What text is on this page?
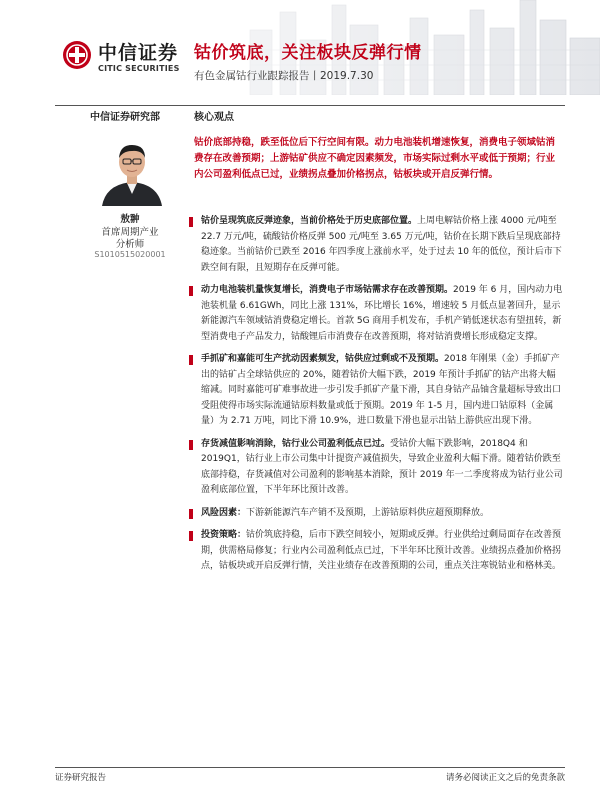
中信证券
CITIC SECURITIES
钴价筑底，关注板块反弹行情
有色金属钴行业跟踪报告丨2019.7.30
中信证券研究部	核心观点
敖翀
首席周期产业
分析师
S1010515020001
钴价底部持稳，跌至低位后下行空间有限。动力电池装机增速恢复，消费电子领域钴消费存在改善预期；上游钴矿供应不确定因素频发，市场实际过剩水平或低于预期；行业内公司盈利低点已过，业绩拐点叠加价格拐点，钴板块或开启反弹行情。
钴价呈现筑底反弹迹象，当前价格处于历史底部位置。上周电解钴价格上涨 4000 元/吨至 22.7 万元/吨，硫酸钴价格反弹 500 元/吨至 3.65 万元/吨，钴价在长期下跌后呈现底部持稳迹象。当前钴价已跌至 2016 年四季度上涨前水平，处于过去 10 年的低位，预计后市下跌空间有限，且短期存在反弹可能。
动力电池装机量恢复增长，消费电子市场钴需求存在改善预期。2019 年 6 月，国内动力电池装机量 6.61GWh，同比上涨 131%，环比增长 16%，增速较 5 月低点显著回升，显示新能源汽车领域钴消费稳定增长。首款 5G 商用手机发布，手机产销低迷状态有望扭转，新型消费电子产品发力，钴酸锂后市消费存在改善预期，将对钴消费增长形成稳定支撑。
手抓矿和嘉能可生产扰动因素频发，钴供应过剩或不及预期。2018 年刚果（金）手抓矿产出的钴矿占全球钴供应的 20%，随着钴价大幅下跌，2019 年预计手抓矿的钴产出将大幅缩减。同时嘉能可矿难事故进一步引发手抓矿产量下滑，其自身钴产品铀含量超标导致出口受阻使得市场实际流通钴原料数量或低于预期。2019 年 1-5 月，国内进口钴原料（金属量）为 2.71 万吨，同比下滑 10.9%，进口数量下滑也显示出钴上游供应出现下滑。
存货减值影响消除，钴行业公司盈利低点已过。受钴价大幅下跌影响，2018Q4 和 2019Q1，钴行业上市公司集中计提资产减值损失，导致企业盈利大幅下滑。随着钴价跌至底部持稳，存货减值对公司盈利的影响基本消除，预计 2019 年一二季度将成为钴行业公司盈利底部位置，下半年环比预计改善。
风险因素：下游新能源汽车产销不及预期，上游钴原料供应超预期释放。
投资策略：钴价筑底持稳，后市下跌空间较小，短期或反弹。行业供给过剩局面存在改善预期，供需格局修复；行业内公司盈利低点已过，下半年环比预计改善。业绩拐点叠加价格拐点，钴板块或开启反弹行情，关注业绩存在改善预期的公司，重点关注寒锐钴业和格林美。
证券研究报告	请务必阅读正文之后的免责条款
